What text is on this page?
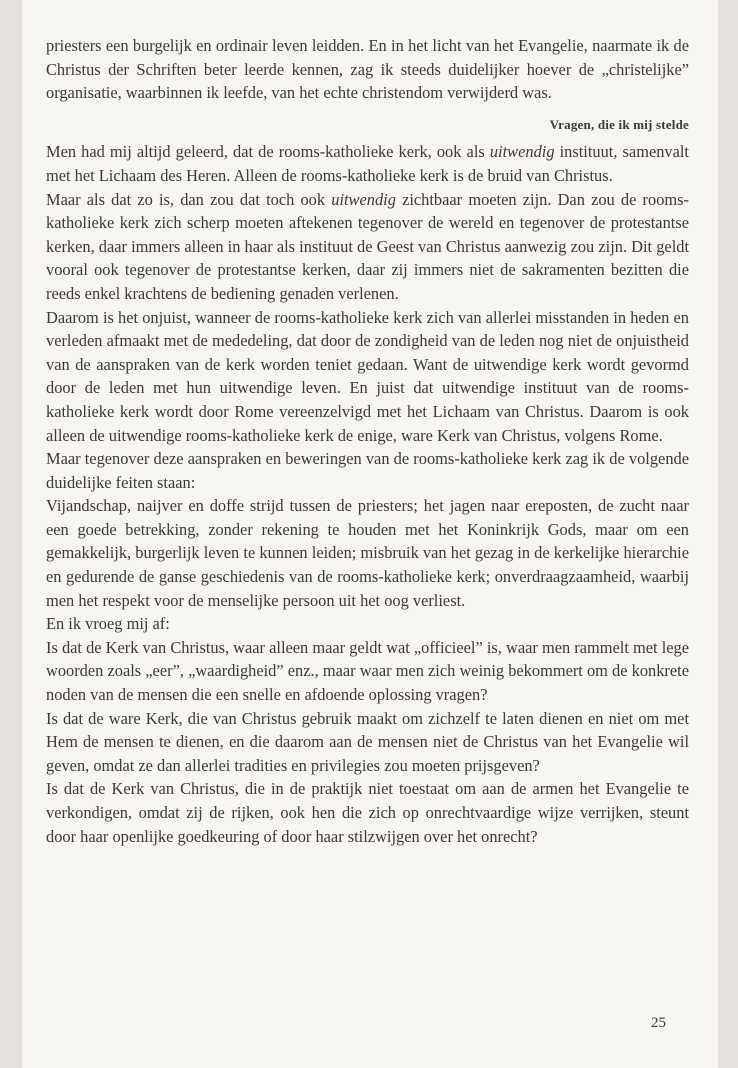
priesters een burgelijk en ordinair leven leidden. En in het licht van het Evangelie, naarmate ik de Christus der Schriften beter leerde kennen, zag ik steeds duidelijker hoever de „christelijke” organisatie, waarbinnen ik leefde, van het echte christendom verwijderd was.

Vragen, die ik mij stelde

Men had mij altijd geleerd, dat de rooms-katholieke kerk, ook als uitwendig instituut, samenvalt met het Lichaam des Heren. Alleen de rooms-katholieke kerk is de bruid van Christus.

Maar als dat zo is, dan zou dat toch ook uitwendig zichtbaar moeten zijn. Dan zou de rooms-katholieke kerk zich scherp moeten aftekenen tegenover de wereld en tegenover de protestantse kerken, daar immers alleen in haar als instituut de Geest van Christus aanwezig zou zijn. Dit geldt vooral ook tegenover de protestantse kerken, daar zij immers niet de sakramenten bezitten die reeds enkel krachtens de bediening genaden verlenen.

Daarom is het onjuist, wanneer de rooms-katholieke kerk zich van allerlei misstanden in heden en verleden afmaakt met de mededeling, dat door de zondigheid van de leden nog niet de onjuistheid van de aanspraken van de kerk worden teniet gedaan. Want de uitwendige kerk wordt gevormd door de leden met hun uitwendige leven. En juist dat uitwendige instituut van de rooms-katholieke kerk wordt door Rome vereenzelvigd met het Lichaam van Christus. Daarom is ook alleen de uitwendige rooms-katholieke kerk de enige, ware Kerk van Christus, volgens Rome.

Maar tegenover deze aanspraken en beweringen van de rooms-katholieke kerk zag ik de volgende duidelijke feiten staan:

Vijandschap, naijver en doffe strijd tussen de priesters; het jagen naar ereposten, de zucht naar een goede betrekking, zonder rekening te houden met het Koninkrijk Gods, maar om een gemakkelijk, burgerlijk leven te kunnen leiden; misbruik van het gezag in de kerkelijke hierarchie en gedurende de ganse geschiedenis van de rooms-katholieke kerk; onverdraagzaamheid, waarbij men het respekt voor de menselijke persoon uit het oog verliest.

En ik vroeg mij af:

Is dat de Kerk van Christus, waar alleen maar geldt wat „officieel” is, waar men rammelt met lege woorden zoals „eer”, „waardigheid” enz., maar waar men zich weinig bekommert om de konkrete noden van de mensen die een snelle en afdoende oplossing vragen?

Is dat de ware Kerk, die van Christus gebruik maakt om zichzelf te laten dienen en niet om met Hem de mensen te dienen, en die daarom aan de mensen niet de Christus van het Evangelie wil geven, omdat ze dan allerlei tradities en privilegies zou moeten prijsgeven?

Is dat de Kerk van Christus, die in de praktijk niet toestaat om aan de armen het Evangelie te verkondigen, omdat zij de rijken, ook hen die zich op onrechtvaardige wijze verrijken, steunt door haar openlijke goedkeuring of door haar stilzwijgen over het onrecht?

25
